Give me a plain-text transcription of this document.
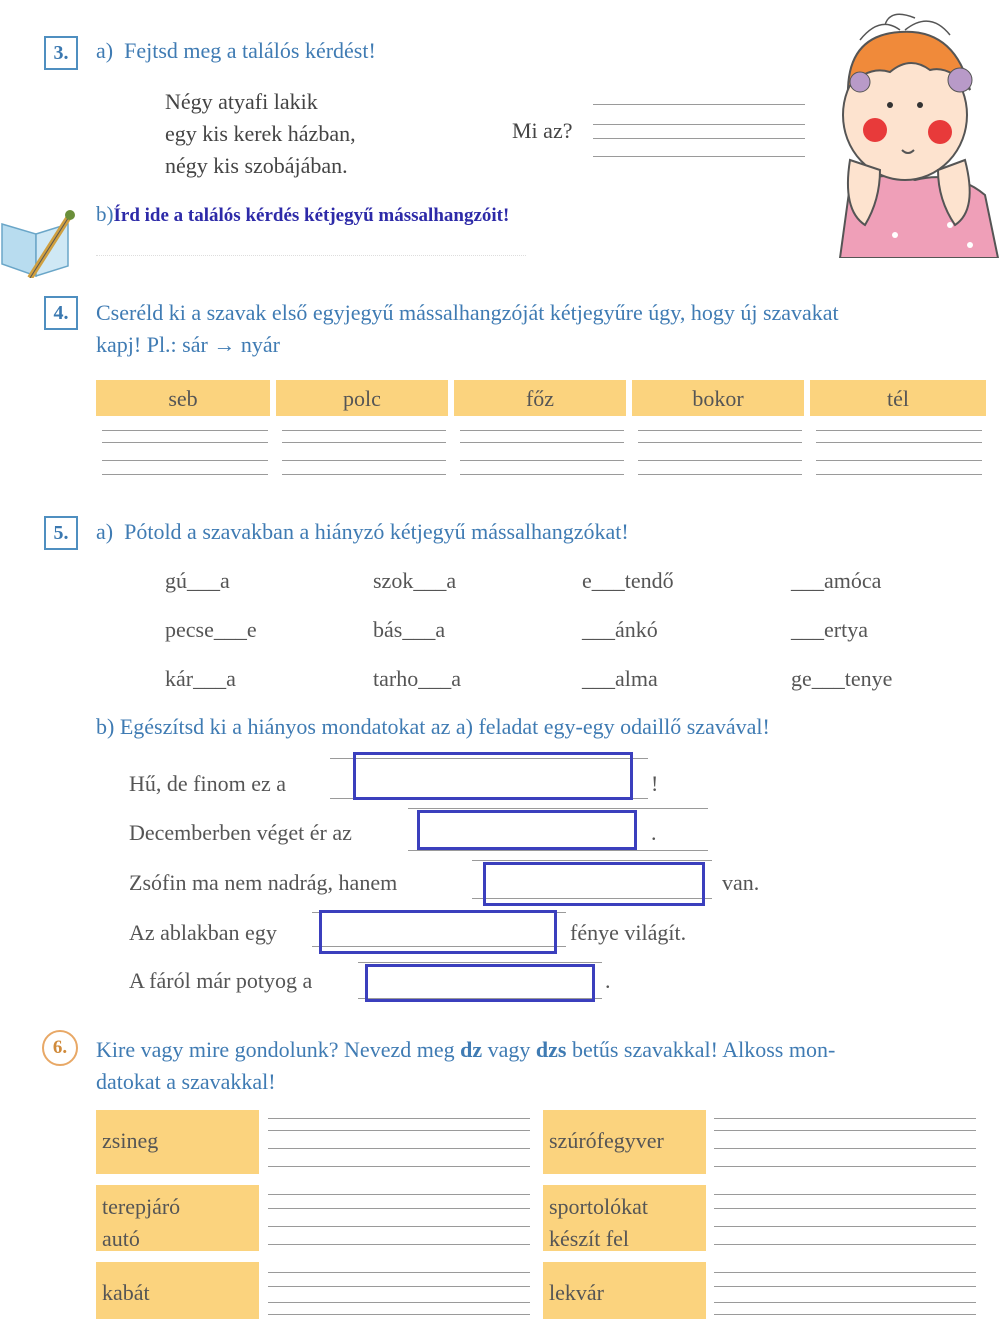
3.	a) Fejtsd meg a találós kérdést!
Négy atyafi lakik
egy kis kerek házban,
négy kis szobájában.
Mi az?
b)Írd ide a találós kérdés kétjegyű mássalhangzóit!
4.	Cseréld ki a szavak első egyjegyű mássalhangzóját kétjegyűre úgy, hogy új szavakat
kapj! Pl.: sár → nyár
seb	polc	főz	bokor	tél
5.	a) Pótold a szavakban a hiányzó kétjegyű mássalhangzókat!
gú___a	szok___a	e___tendő	___amóca
pecse___e	bás___a	___ánkó	___ertya
kár___a	tarho___a	___alma	ge___tenye
b) Egészítsd ki a hiányos mondatokat az a) feladat egy-egy odaillő szavával!
Hű, de finom ez a	!
Decemberben véget ér az	.
Zsófin ma nem nadrág, hanem	van.
Az ablakban egy	fénye világít.
A fáról már potyog a	.
6.	Kire vagy mire gondolunk? Nevezd meg dz vagy dzs betűs szavakkal! Alkoss mon-
datokat a szavakkal!
zsineg
terepjáró autó
kabát
szúrófegyver
sportolókat készít fel
lekvár
